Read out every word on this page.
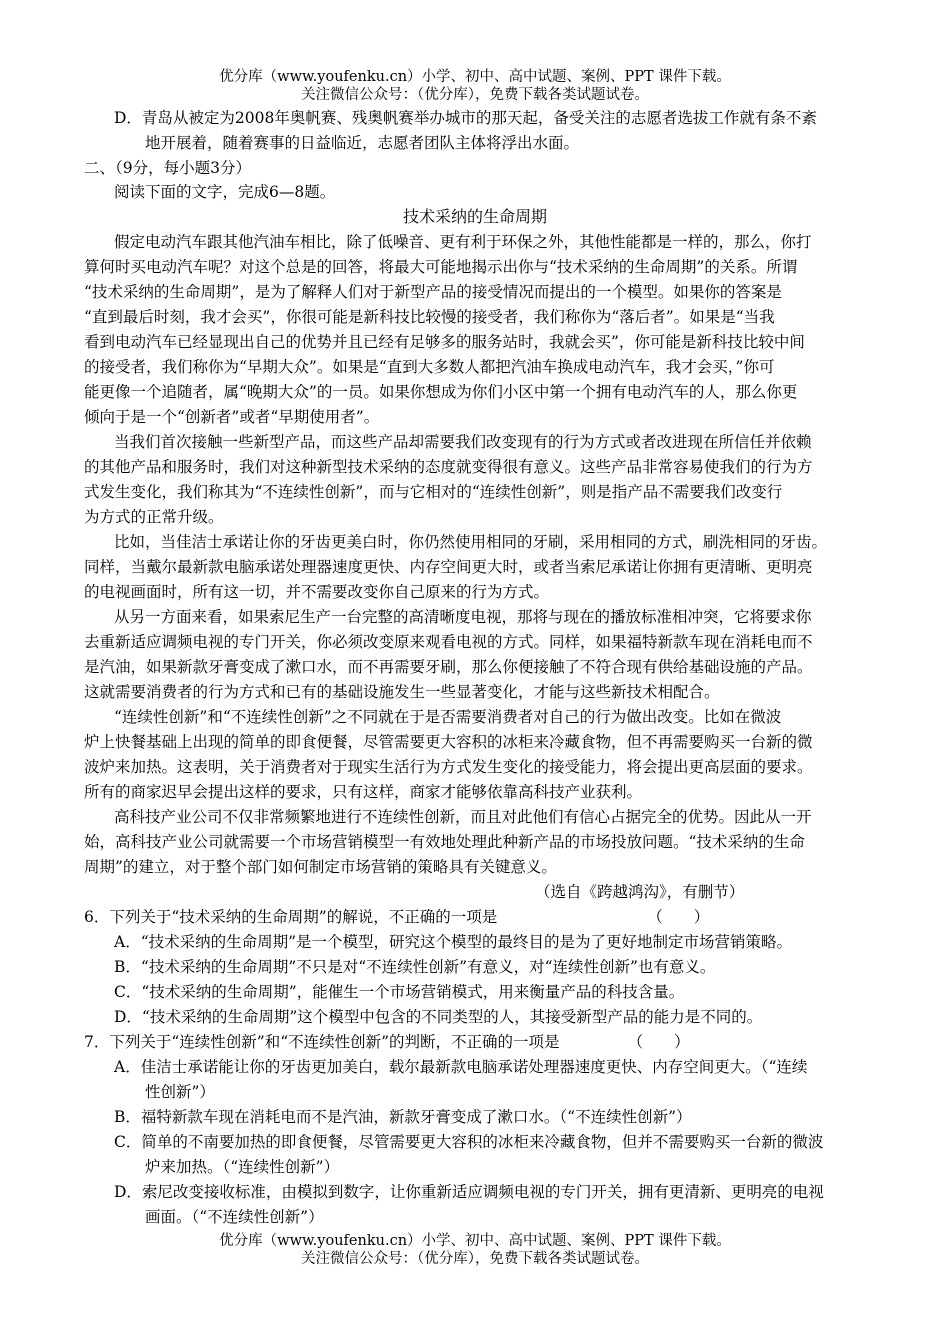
优分库（www.youfenku.cn）小学、初中、高中试题、案例、PPT 课件下载。
关注微信公众号：（优分库），免费下载各类试题试卷。
D．青岛从被定为2008年奥帆赛、残奥帆赛举办城市的那天起，备受关注的志愿者选拔工作就有条不紊
地开展着，随着赛事的日益临近，志愿者团队主体将浮出水面。
二、（9分，每小题3分）
阅读下面的文字，完成6—8题。
技术采纳的生命周期
假定电动汽车跟其他汽油车相比，除了低噪音、更有利于环保之外，其他性能都是一样的，那么，你打
算何时买电动汽车呢？对这个总是的回答，将最大可能地揭示出你与“技术采纳的生命周期”的关系。所谓
“技术采纳的生命周期”，是为了解释人们对于新型产品的接受情况而提出的一个模型。如果你的答案是
“直到最后时刻，我才会买”，你很可能是新科技比较慢的接受者，我们称你为“落后者”。如果是“当我
看到电动汽车已经显现出自己的优势并且已经有足够多的服务站时，我就会买”，你可能是新科技比较中间
的接受者，我们称你为“早期大众”。如果是“直到大多数人都把汽油车换成电动汽车，我才会买，”你可
能更像一个追随者，属“晚期大众”的一员。如果你想成为你们小区中第一个拥有电动汽车的人，那么你更
倾向于是一个“创新者”或者“早期使用者”。
当我们首次接触一些新型产品，而这些产品却需要我们改变现有的行为方式或者改进现在所信任并依赖
的其他产品和服务时，我们对这种新型技术采纳的态度就变得很有意义。这些产品非常容易使我们的行为方
式发生变化，我们称其为“不连续性创新”，而与它相对的“连续性创新”，则是指产品不需要我们改变行
为方式的正常升级。
比如，当佳洁士承诺让你的牙齿更美白时，你仍然使用相同的牙刷，采用相同的方式，刷洗相同的牙齿。
同样，当戴尔最新款电脑承诺处理器速度更快、内存空间更大时，或者当索尼承诺让你拥有更清晰、更明亮
的电视画面时，所有这一切，并不需要改变你自己原来的行为方式。
从另一方面来看，如果索尼生产一台完整的高清晰度电视，那将与现在的播放标准相冲突，它将要求你
去重新适应调频电视的专门开关，你必须改变原来观看电视的方式。同样，如果福特新款车现在消耗电而不
是汽油，如果新款牙膏变成了漱口水，而不再需要牙刷，那么你便接触了不符合现有供给基础设施的产品。
这就需要消费者的行为方式和已有的基础设施发生一些显著变化，才能与这些新技术相配合。
“连续性创新”和“不连续性创新”之不同就在于是否需要消费者对自己的行为做出改变。比如在微波
炉上快餐基础上出现的简单的即食便餐，尽管需要更大容积的冰柜来冷藏食物，但不再需要购买一台新的微
波炉来加热。这表明，关于消费者对于现实生活行为方式发生变化的接受能力，将会提出更高层面的要求。
所有的商家迟早会提出这样的要求，只有这样，商家才能够依靠高科技产业获利。
高科技产业公司不仅非常频繁地进行不连续性创新，而且对此他们有信心占据完全的优势。因此从一开
始，高科技产业公司就需要一个市场营销模型一有效地处理此种新产品的市场投放问题。“技术采纳的生命
周期”的建立，对于整个部门如何制定市场营销的策略具有关键意义。
（选自《跨越鸿沟》，有删节）
6．下列关于“技术采纳的生命周期”的解说，不正确的一项是	（　　）
A．“技术采纳的生命周期”是一个模型，研究这个模型的最终目的是为了更好地制定市场营销策略。
B．“技术采纳的生命周期”不只是对“不连续性创新”有意义，对“连续性创新”也有意义。
C．“技术采纳的生命周期”，能催生一个市场营销模式，用来衡量产品的科技含量。
D．“技术采纳的生命周期”这个模型中包含的不同类型的人，其接受新型产品的能力是不同的。
7．下列关于“连续性创新”和“不连续性创新”的判断，不正确的一项是	（　　）
A．佳洁士承诺能让你的牙齿更加美白，载尔最新款电脑承诺处理器速度更快、内存空间更大。（“连续
性创新”）
B．福特新款车现在消耗电而不是汽油，新款牙膏变成了漱口水。（“不连续性创新”）
C．简单的不南要加热的即食便餐，尽管需要更大容积的冰柜来冷藏食物，但并不需要购买一台新的微波
炉来加热。（“连续性创新”）
D．索尼改变接收标准，由模拟到数字，让你重新适应调频电视的专门开关，拥有更清新、更明亮的电视
画面。（“不连续性创新”）
优分库（www.youfenku.cn）小学、初中、高中试题、案例、PPT 课件下载。
关注微信公众号：（优分库），免费下载各类试题试卷。
